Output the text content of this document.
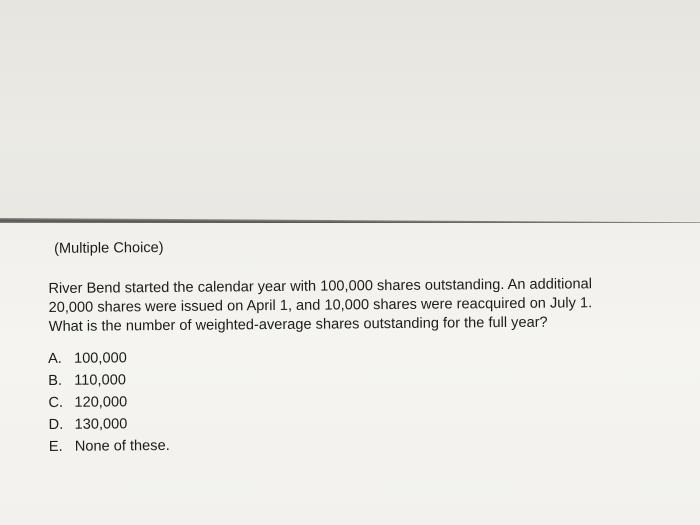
(Multiple Choice)

River Bend started the calendar year with 100,000 shares outstanding. An additional

20,000 shares were issued on April 1, and 10,000 shares were reacquired on July 1.

What is the number of weighted-average shares outstanding for the full year?

A. 100,000
B. 110,000
C. 120,000
D. 130,000
E. None of these.
